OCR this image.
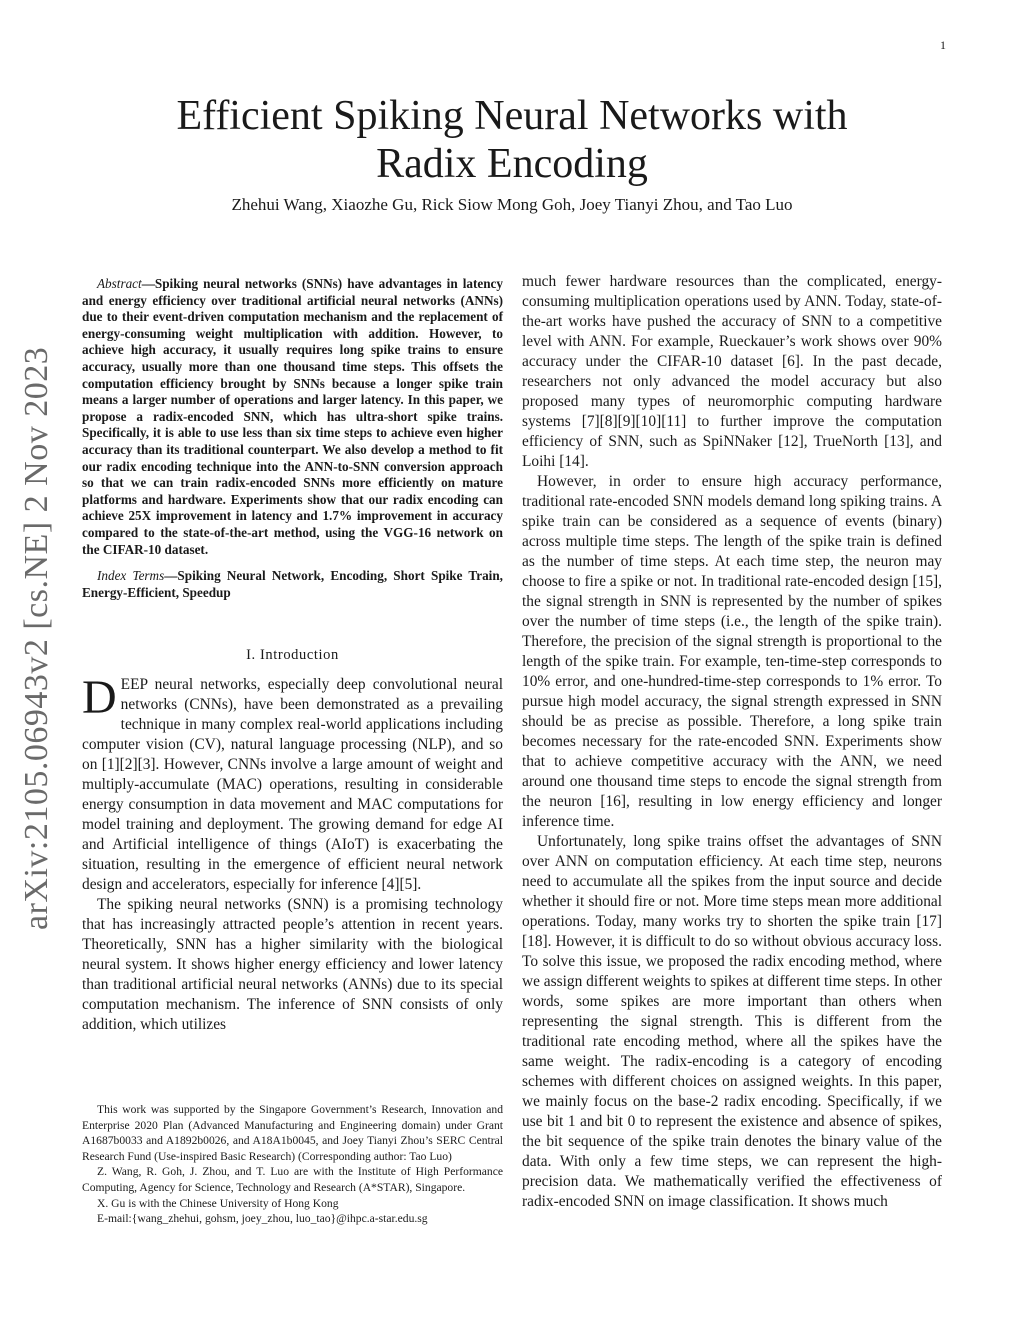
1
arXiv:2105.06943v2 [cs.NE] 2 Nov 2023
Efficient Spiking Neural Networks with
Radix Encoding
Zhehui Wang, Xiaozhe Gu, Rick Siow Mong Goh, Joey Tianyi Zhou, and Tao Luo

Abstract—Spiking neural networks (SNNs) have advantages in latency and energy efficiency over traditional artificial neural networks (ANNs) due to their event-driven computation mechanism and the replacement of energy-consuming weight multiplication with addition. However, to achieve high accuracy, it usually requires long spike trains to ensure accuracy, usually more than one thousand time steps. This offsets the computation efficiency brought by SNNs because a longer spike train means a larger number of operations and larger latency. In this paper, we propose a radix-encoded SNN, which has ultra-short spike trains. Specifically, it is able to use less than six time steps to achieve even higher accuracy than its traditional counterpart. We also develop a method to fit our radix encoding technique into the ANN-to-SNN conversion approach so that we can train radix-encoded SNNs more efficiently on mature platforms and hardware. Experiments show that our radix encoding can achieve 25X improvement in latency and 1.7% improvement in accuracy compared to the state-of-the-art method, using the VGG-16 network on the CIFAR-10 dataset.

Index Terms—Spiking Neural Network, Encoding, Short Spike Train, Energy-Efficient, Speedup

I. Introduction

DEEP neural networks, especially deep convolutional neural networks (CNNs), have been demonstrated as a prevailing technique in many complex real-world applications including computer vision (CV), natural language processing (NLP), and so on [1][2][3]. However, CNNs involve a large amount of weight and multiply-accumulate (MAC) operations, resulting in considerable energy consumption in data movement and MAC computations for model training and deployment. The growing demand for edge AI and Artificial intelligence of things (AIoT) is exacerbating the situation, resulting in the emergence of efficient neural network design and accelerators, especially for inference [4][5].

The spiking neural networks (SNN) is a promising technology that has increasingly attracted people’s attention in recent years. Theoretically, SNN has a higher similarity with the biological neural system. It shows higher energy efficiency and lower latency than traditional artificial neural networks (ANNs) due to its special computation mechanism. The inference of SNN consists of only addition, which utilizes

This work was supported by the Singapore Government’s Research, Innovation and Enterprise 2020 Plan (Advanced Manufacturing and Engineering domain) under Grant A1687b0033 and A1892b0026, and A18A1b0045, and Joey Tianyi Zhou’s SERC Central Research Fund (Use-inspired Basic Research) (Corresponding author: Tao Luo)

Z. Wang, R. Goh, J. Zhou, and T. Luo are with the Institute of High Performance Computing, Agency for Science, Technology and Research (A*STAR), Singapore.

X. Gu is with the Chinese University of Hong Kong

E-mail:{wang_zhehui, gohsm, joey_zhou, luo_tao}@ihpc.a-star.edu.sg

much fewer hardware resources than the complicated, energy-consuming multiplication operations used by ANN. Today, state-of-the-art works have pushed the accuracy of SNN to a competitive level with ANN. For example, Rueckauer’s work shows over 90% accuracy under the CIFAR-10 dataset [6]. In the past decade, researchers not only advanced the model accuracy but also proposed many types of neuromorphic computing hardware systems [7][8][9][10][11] to further improve the computation efficiency of SNN, such as SpiNNaker [12], TrueNorth [13], and Loihi [14].

However, in order to ensure high accuracy performance, traditional rate-encoded SNN models demand long spiking trains. A spike train can be considered as a sequence of events (binary) across multiple time steps. The length of the spike train is defined as the number of time steps. At each time step, the neuron may choose to fire a spike or not. In traditional rate-encoded design [15], the signal strength in SNN is represented by the number of spikes over the number of time steps (i.e., the length of the spike train). Therefore, the precision of the signal strength is proportional to the length of the spike train. For example, ten-time-step corresponds to 10% error, and one-hundred-time-step corresponds to 1% error. To pursue high model accuracy, the signal strength expressed in SNN should be as precise as possible. Therefore, a long spike train becomes necessary for the rate-encoded SNN. Experiments show that to achieve competitive accuracy with the ANN, we need around one thousand time steps to encode the signal strength from the neuron [16], resulting in low energy efficiency and longer inference time.

Unfortunately, long spike trains offset the advantages of SNN over ANN on computation efficiency. At each time step, neurons need to accumulate all the spikes from the input source and decide whether it should fire or not. More time steps mean more additional operations. Today, many works try to shorten the spike train [17][18]. However, it is difficult to do so without obvious accuracy loss. To solve this issue, we proposed the radix encoding method, where we assign different weights to spikes at different time steps. In other words, some spikes are more important than others when representing the signal strength. This is different from the traditional rate encoding method, where all the spikes have the same weight. The radix-encoding is a category of encoding schemes with different choices on assigned weights. In this paper, we mainly focus on the base-2 radix encoding. Specifically, if we use bit 1 and bit 0 to represent the existence and absence of spikes, the bit sequence of the spike train denotes the binary value of the data. With only a few time steps, we can represent the high-precision data. We mathematically verified the effectiveness of radix-encoded SNN on image classification. It shows much
